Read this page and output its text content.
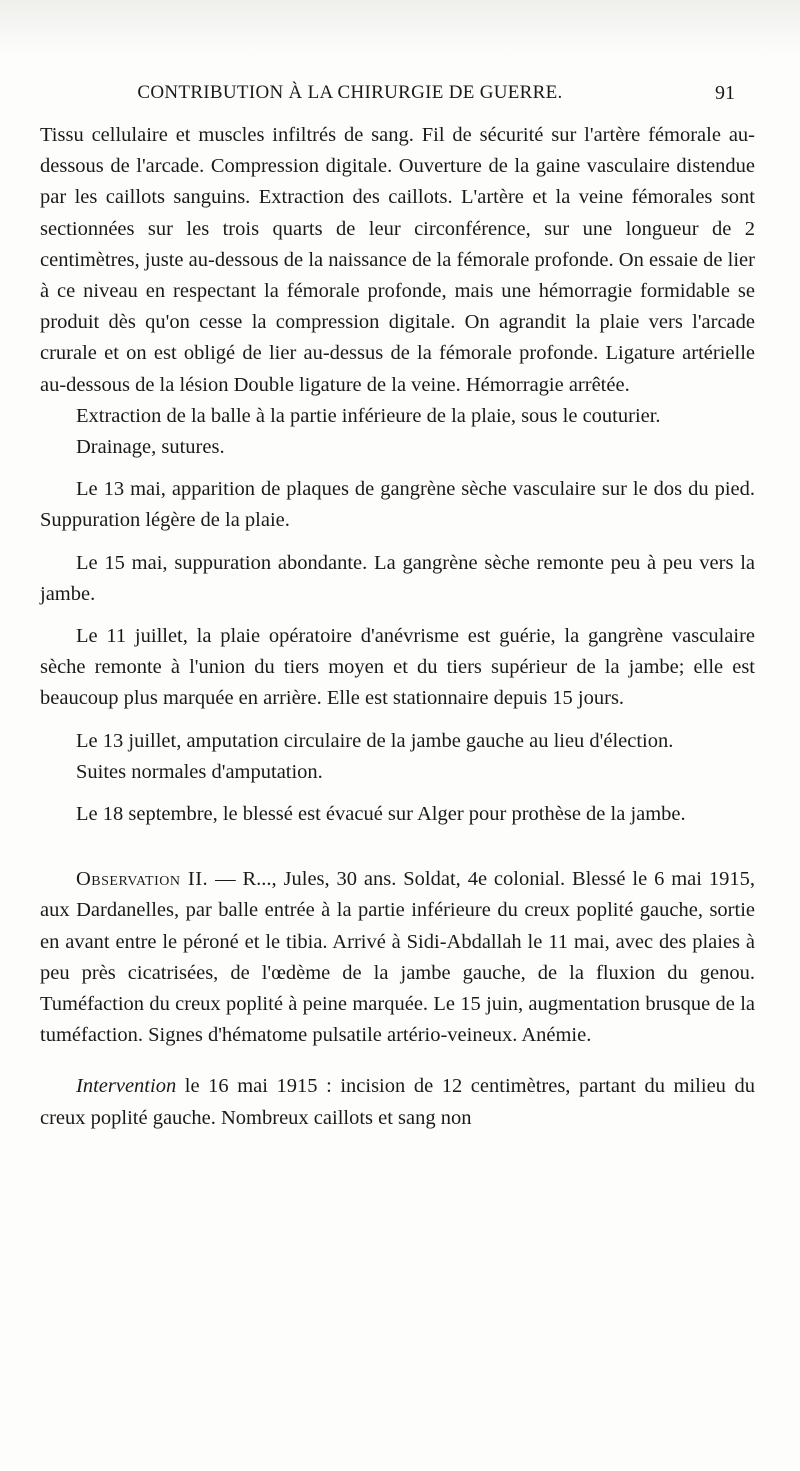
CONTRIBUTION À LA CHIRURGIE DE GUERRE.	91

Tissu cellulaire et muscles infiltrés de sang. Fil de sécurité sur l'artère fémorale au-dessous de l'arcade. Compression digitale. Ouverture de la gaine vasculaire distendue par les caillots sanguins. Extraction des caillots. L'artère et la veine fémorales sont sectionnées sur les trois quarts de leur circonférence, sur une longueur de 2 centimètres, juste au-dessous de la naissance de la fémorale profonde. On essaie de lier à ce niveau en respectant la fémorale profonde, mais une hémorragie formidable se produit dès qu'on cesse la compression digitale. On agrandit la plaie vers l'arcade crurale et on est obligé de lier au-dessus de la fémorale profonde. Ligature artérielle au-dessous de la lésion Double ligature de la veine. Hémorragie arrêtée.

Extraction de la balle à la partie inférieure de la plaie, sous le couturier.

Drainage, sutures.

Le 13 mai, apparition de plaques de gangrène sèche vasculaire sur le dos du pied. Suppuration légère de la plaie.

Le 15 mai, suppuration abondante. La gangrène sèche remonte peu à peu vers la jambe.

Le 11 juillet, la plaie opératoire d'anévrisme est guérie, la gangrène vasculaire sèche remonte à l'union du tiers moyen et du tiers supérieur de la jambe; elle est beaucoup plus marquée en arrière. Elle est stationnaire depuis 15 jours.

Le 13 juillet, amputation circulaire de la jambe gauche au lieu d'élection.

Suites normales d'amputation.

Le 18 septembre, le blessé est évacué sur Alger pour prothèse de la jambe.

Observation II. — R..., Jules, 30 ans. Soldat, 4e colonial. Blessé le 6 mai 1915, aux Dardanelles, par balle entrée à la partie inférieure du creux poplité gauche, sortie en avant entre le péroné et le tibia. Arrivé à Sidi-Abdallah le 11 mai, avec des plaies à peu près cicatrisées, de l'œdème de la jambe gauche, de la fluxion du genou. Tuméfaction du creux poplité à peine marquée. Le 15 juin, augmentation brusque de la tuméfaction. Signes d'hématome pulsatile artério-veineux. Anémie.

Intervention le 16 mai 1915 : incision de 12 centimètres, partant du milieu du creux poplité gauche. Nombreux caillots et sang non
